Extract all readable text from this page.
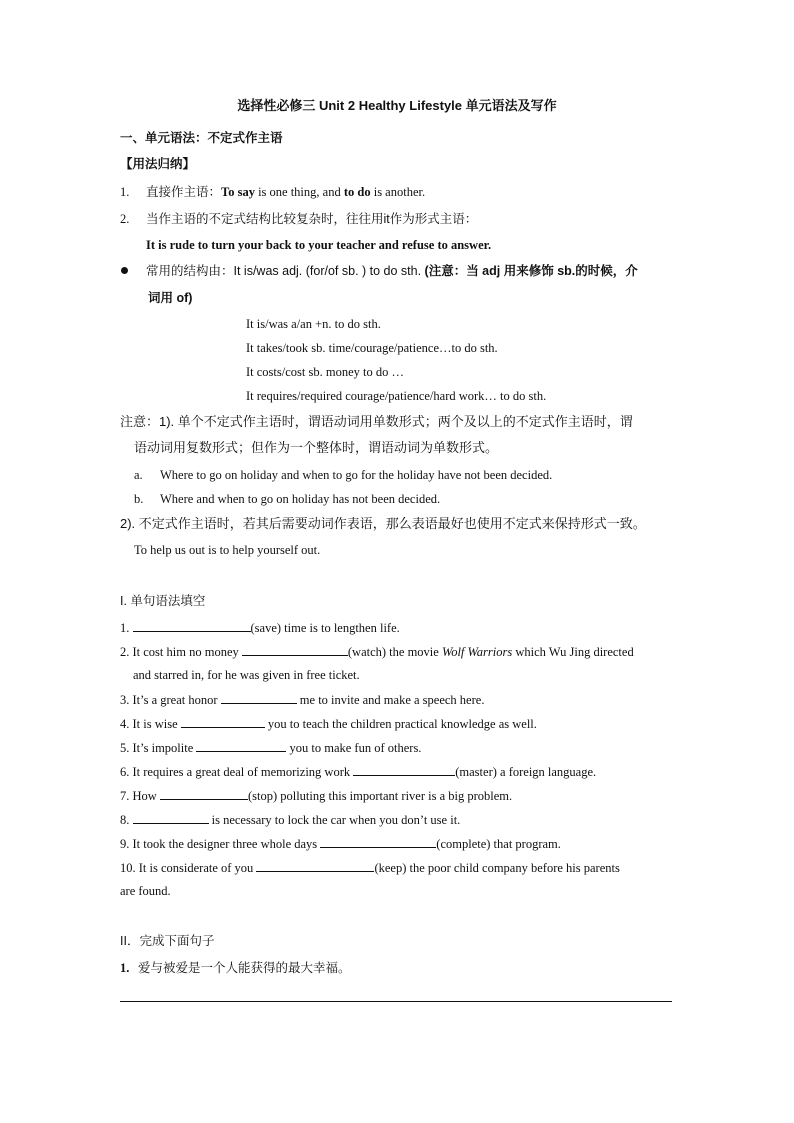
选择性必修三 Unit 2 Healthy Lifestyle 单元语法及写作
一、单元语法：不定式作主语
【用法归纳】
1. 直接作主语：To say is one thing, and to do is another.
2. 当作主语的不定式结构比较复杂时，往往用it作为形式主语：
It is rude to turn your back to your teacher and refuse to answer.
常用的结构由：It is/was adj. (for/of sb. ) to do sth. (注意：当 adj 用来修饰 sb.的时候，介
词用 of)
It is/was a/an +n. to do sth.
It takes/took sb. time/courage/patience…to do sth.
It costs/cost sb. money to do …
It requires/required courage/patience/hard work… to do sth.
注意：1). 单个不定式作主语时，谓语动词用单数形式；两个及以上的不定式作主语时，谓
语动词用复数形式；但作为一个整体时，谓语动词为单数形式。
a. Where to go on holiday and when to go for the holiday have not been decided.
b. Where and when to go on holiday has not been decided.
2). 不定式作主语时，若其后需要动词作表语，那么表语最好也使用不定式来保持形式一致。
To help us out is to help yourself out.
I. 单句语法填空
1.	(save) time is to lengthen life.
2. It cost him no money	(watch) the movie Wolf Warriors which Wu Jing directed
and starred in, for he was given in free ticket.
3. It’s a great honor	me to invite and make a speech here.
4. It is wise	you to teach the children practical knowledge as well.
5. It’s impolite	you to make fun of others.
6. It requires a great deal of memorizing work	(master) a foreign language.
7. How	(stop) polluting this important river is a big problem.
8.	is necessary to lock the car when you don’t use it.
9. It took the designer three whole days	(complete) that program.
10. It is considerate of you	(keep) the poor child company before his parents
are found.
II．完成下面句子
1. 爱与被爱是一个人能获得的最大幸福。
